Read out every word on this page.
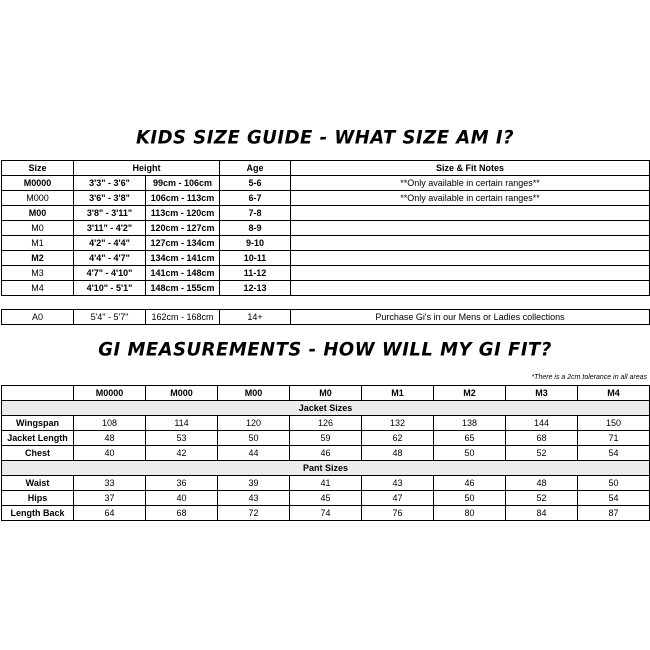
KIDS SIZE GUIDE - WHAT SIZE AM I?
Size	Height		Age	Size & Fit Notes
M0000	3'3" - 3'6"	99cm - 106cm	5-6	**Only available in certain ranges**
M000	3'6" - 3'8"	106cm - 113cm	6-7	**Only available in certain ranges**
M00	3'8" - 3'11"	113cm - 120cm	7-8	
M0	3'11" - 4'2"	120cm - 127cm	8-9	
M1	4'2" - 4'4"	127cm - 134cm	9-10	
M2	4'4" - 4'7"	134cm - 141cm	10-11	
M3	4'7" - 4'10"	141cm - 148cm	11-12	
M4	4'10" - 5'1"	148cm - 155cm	12-13	
A0	5'4" - 5'7"	162cm - 168cm	14+	Purchase Gi's in our Mens or Ladies collections
GI MEASUREMENTS - HOW WILL MY GI FIT?
*There is a 2cm tolerance in all areas
	M0000	M000	M00	M0	M1	M2	M3	M4
Jacket Sizes								
Wingspan	108	114	120	126	132	138	144	150
Jacket Length	48	53	50	59	62	65	68	71
Chest	40	42	44	46	48	50	52	54
Pant Sizes								
Waist	33	36	39	41	43	46	48	50
Hips	37	40	43	45	47	50	52	54
Length Back	64	68	72	74	76	80	84	87
